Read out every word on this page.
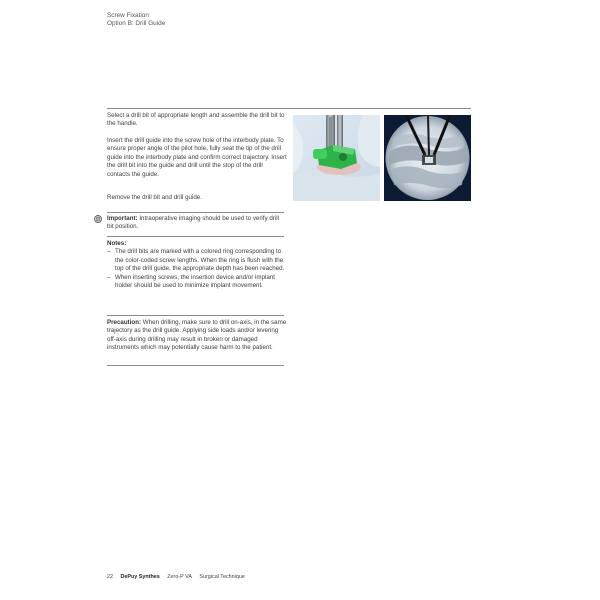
Screw Fixation
Option B: Drill Guide
Select a drill bit of appropriate length and assemble the drill bit to the handle.
Insert the drill guide into the screw hole of the interbody plate. To ensure proper angle of the pilot hole, fully seat the tip of the drill guide into the interbody plate and confirm correct trajectory. Insert the drill bit into the guide and drill until the stop of the drill contacts the guide.
Remove the drill bit and drill guide.
Important: Intraoperative imaging should be used to verify drill bit position.
Notes:
– The drill bits are marked with a colored ring corresponding to the color-coded screw lengths. When the ring is flush with the top of the drill guide, the appropriate depth has been reached.
– When inserting screws, the insertion device and/or implant holder should be used to minimize implant movement.
Precaution: When drilling, make sure to drill on-axis, in the same trajectory as the drill guide. Applying side loads and/or levering off-axis during drilling may result in broken or damaged instruments which may potentially cause harm to the patient.
22 DePuy Synthes Zero-P VA Surgical Technique
